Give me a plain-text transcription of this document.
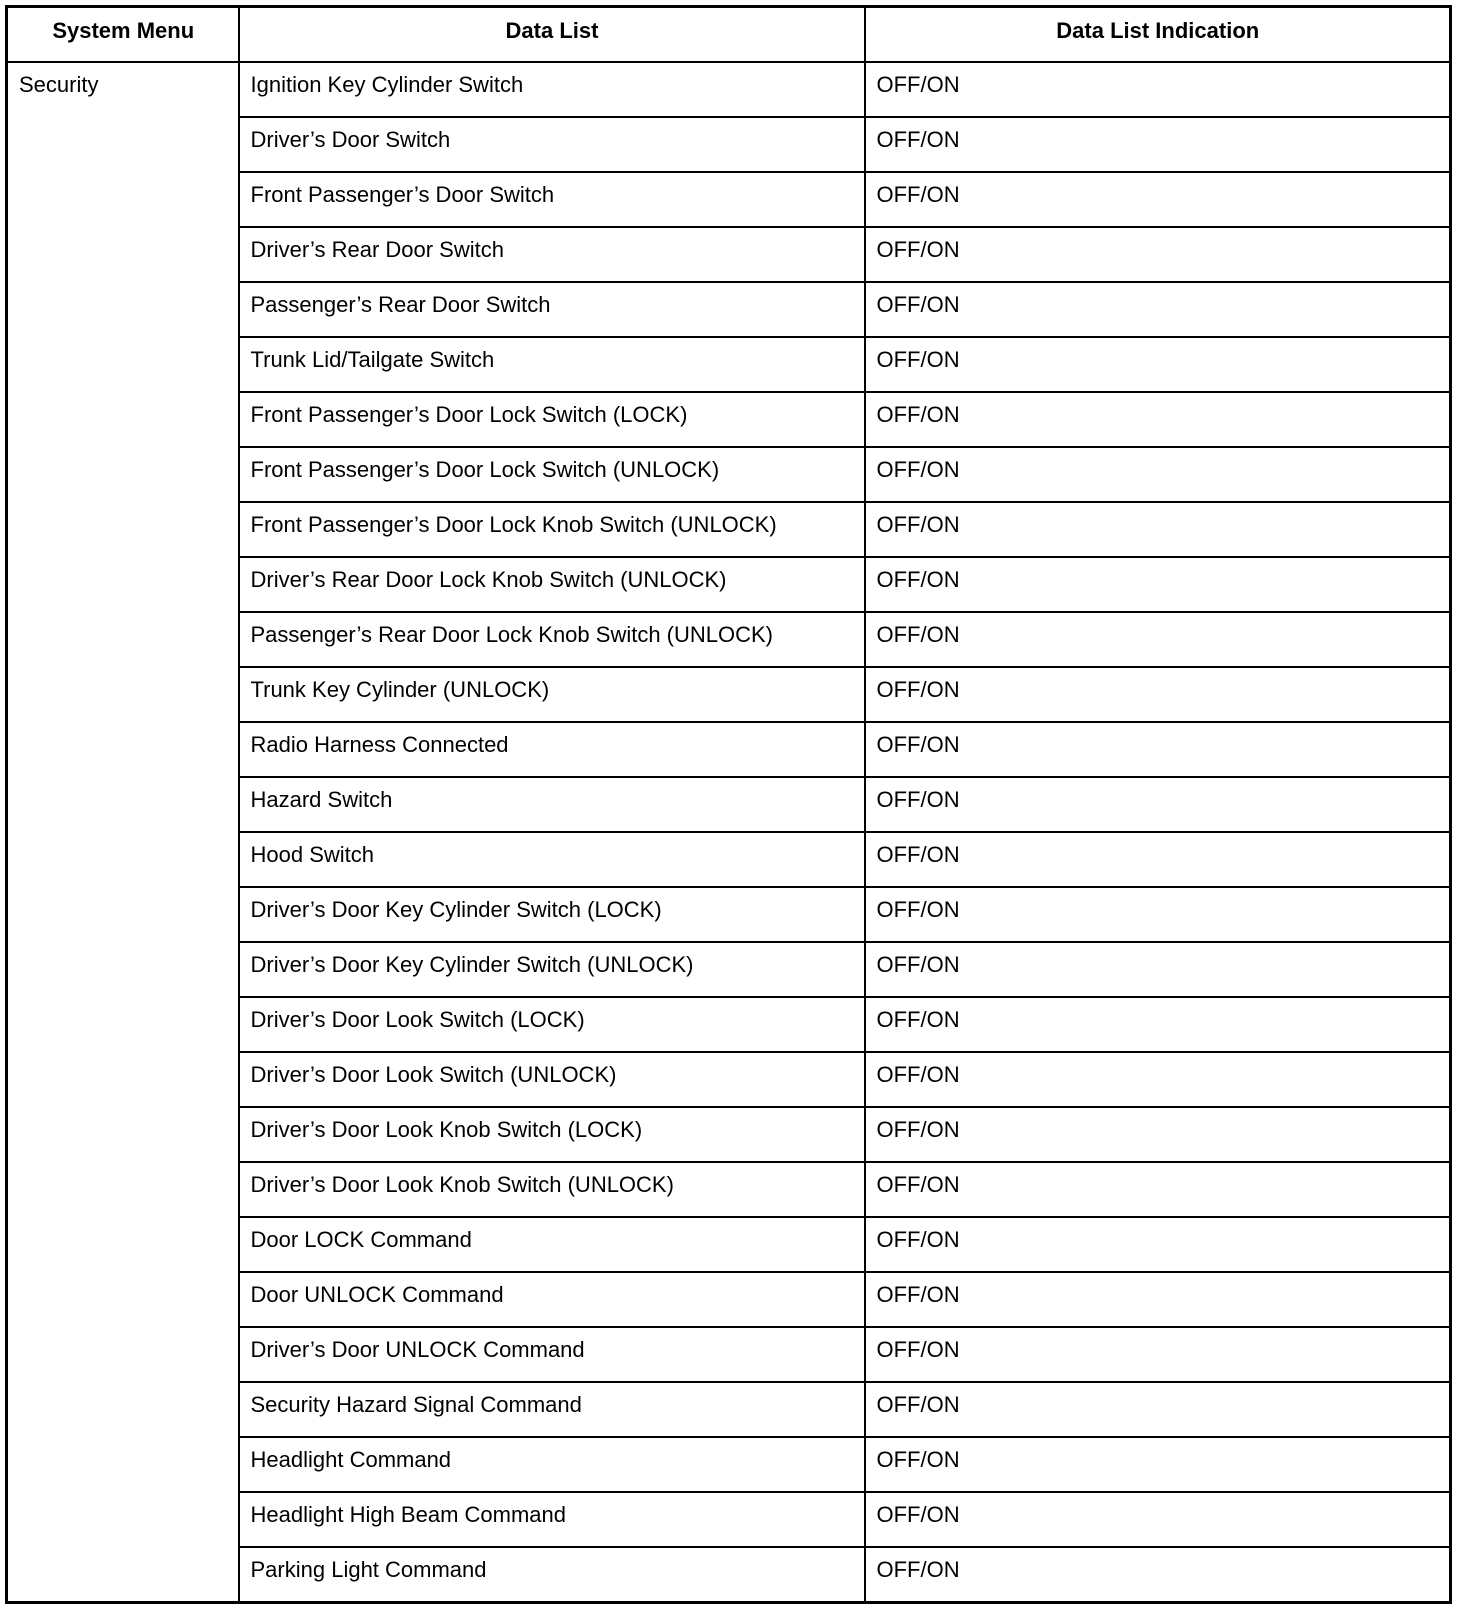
System Menu	Data List	Data List Indication
Security	Ignition Key Cylinder Switch	OFF/ON
	Driver’s Door Switch	OFF/ON
	Front Passenger’s Door Switch	OFF/ON
	Driver’s Rear Door Switch	OFF/ON
	Passenger’s Rear Door Switch	OFF/ON
	Trunk Lid/Tailgate Switch	OFF/ON
	Front Passenger’s Door Lock Switch (LOCK)	OFF/ON
	Front Passenger’s Door Lock Switch (UNLOCK)	OFF/ON
	Front Passenger’s Door Lock Knob Switch (UNLOCK)	OFF/ON
	Driver’s Rear Door Lock Knob Switch (UNLOCK)	OFF/ON
	Passenger’s Rear Door Lock Knob Switch (UNLOCK)	OFF/ON
	Trunk Key Cylinder (UNLOCK)	OFF/ON
	Radio Harness Connected	OFF/ON
	Hazard Switch	OFF/ON
	Hood Switch	OFF/ON
	Driver’s Door Key Cylinder Switch (LOCK)	OFF/ON
	Driver’s Door Key Cylinder Switch (UNLOCK)	OFF/ON
	Driver’s Door Look Switch (LOCK)	OFF/ON
	Driver’s Door Look Switch (UNLOCK)	OFF/ON
	Driver’s Door Look Knob Switch (LOCK)	OFF/ON
	Driver’s Door Look Knob Switch (UNLOCK)	OFF/ON
	Door LOCK Command	OFF/ON
	Door UNLOCK Command	OFF/ON
	Driver’s Door UNLOCK Command	OFF/ON
	Security Hazard Signal Command	OFF/ON
	Headlight Command	OFF/ON
	Headlight High Beam Command	OFF/ON
	Parking Light Command	OFF/ON
